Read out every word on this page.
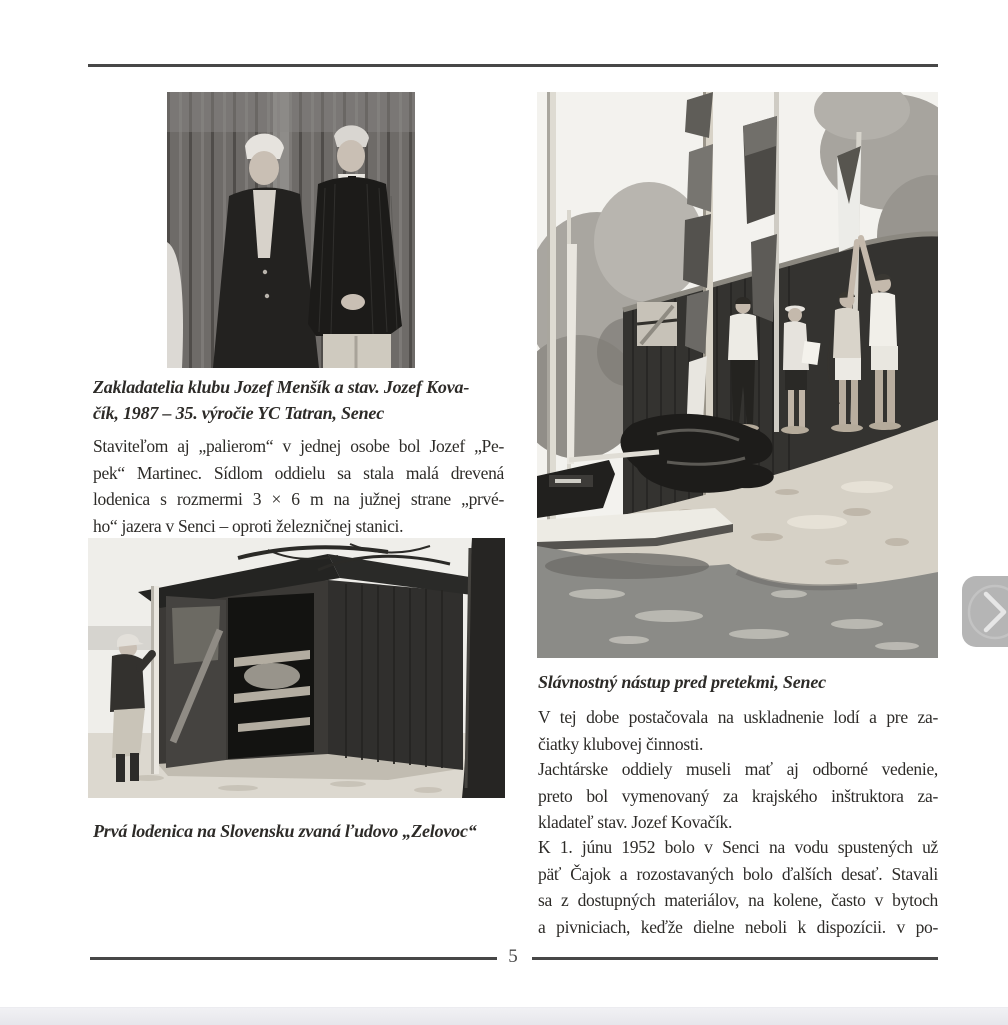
Zakladatelia klubu Jozef Menšík a stav. Jozef Kova-
čík, 1987 – 35. výročie YC Tatran, Senec
Staviteľom aj „palierom“ v jednej osobe bol Jozef „Pe-
pek“ Martinec. Sídlom oddielu sa stala malá drevená
lodenica s rozmermi 3 × 6 m na južnej strane „prvé-
ho“ jazera v Senci – oproti železničnej stanici.
Prvá lodenica na Slovensku zvaná ľudovo „Zelovoc“
Slávnostný nástup pred pretekmi, Senec
V tej dobe postačovala na uskladnenie lodí a pre za-
čiatky klubovej činnosti.
Jachtárske oddiely museli mať aj odborné vedenie,
preto bol vymenovaný za krajského inštruktora za-
kladateľ stav. Jozef Kovačík.
K 1. júnu 1952 bolo v Senci na vodu spustených už
päť Čajok a rozostavaných bolo ďalších desať. Stavali
sa z dostupných materiálov, na kolene, často v bytoch
a pivniciach, keďže dielne neboli k dispozícii. v po-
5
